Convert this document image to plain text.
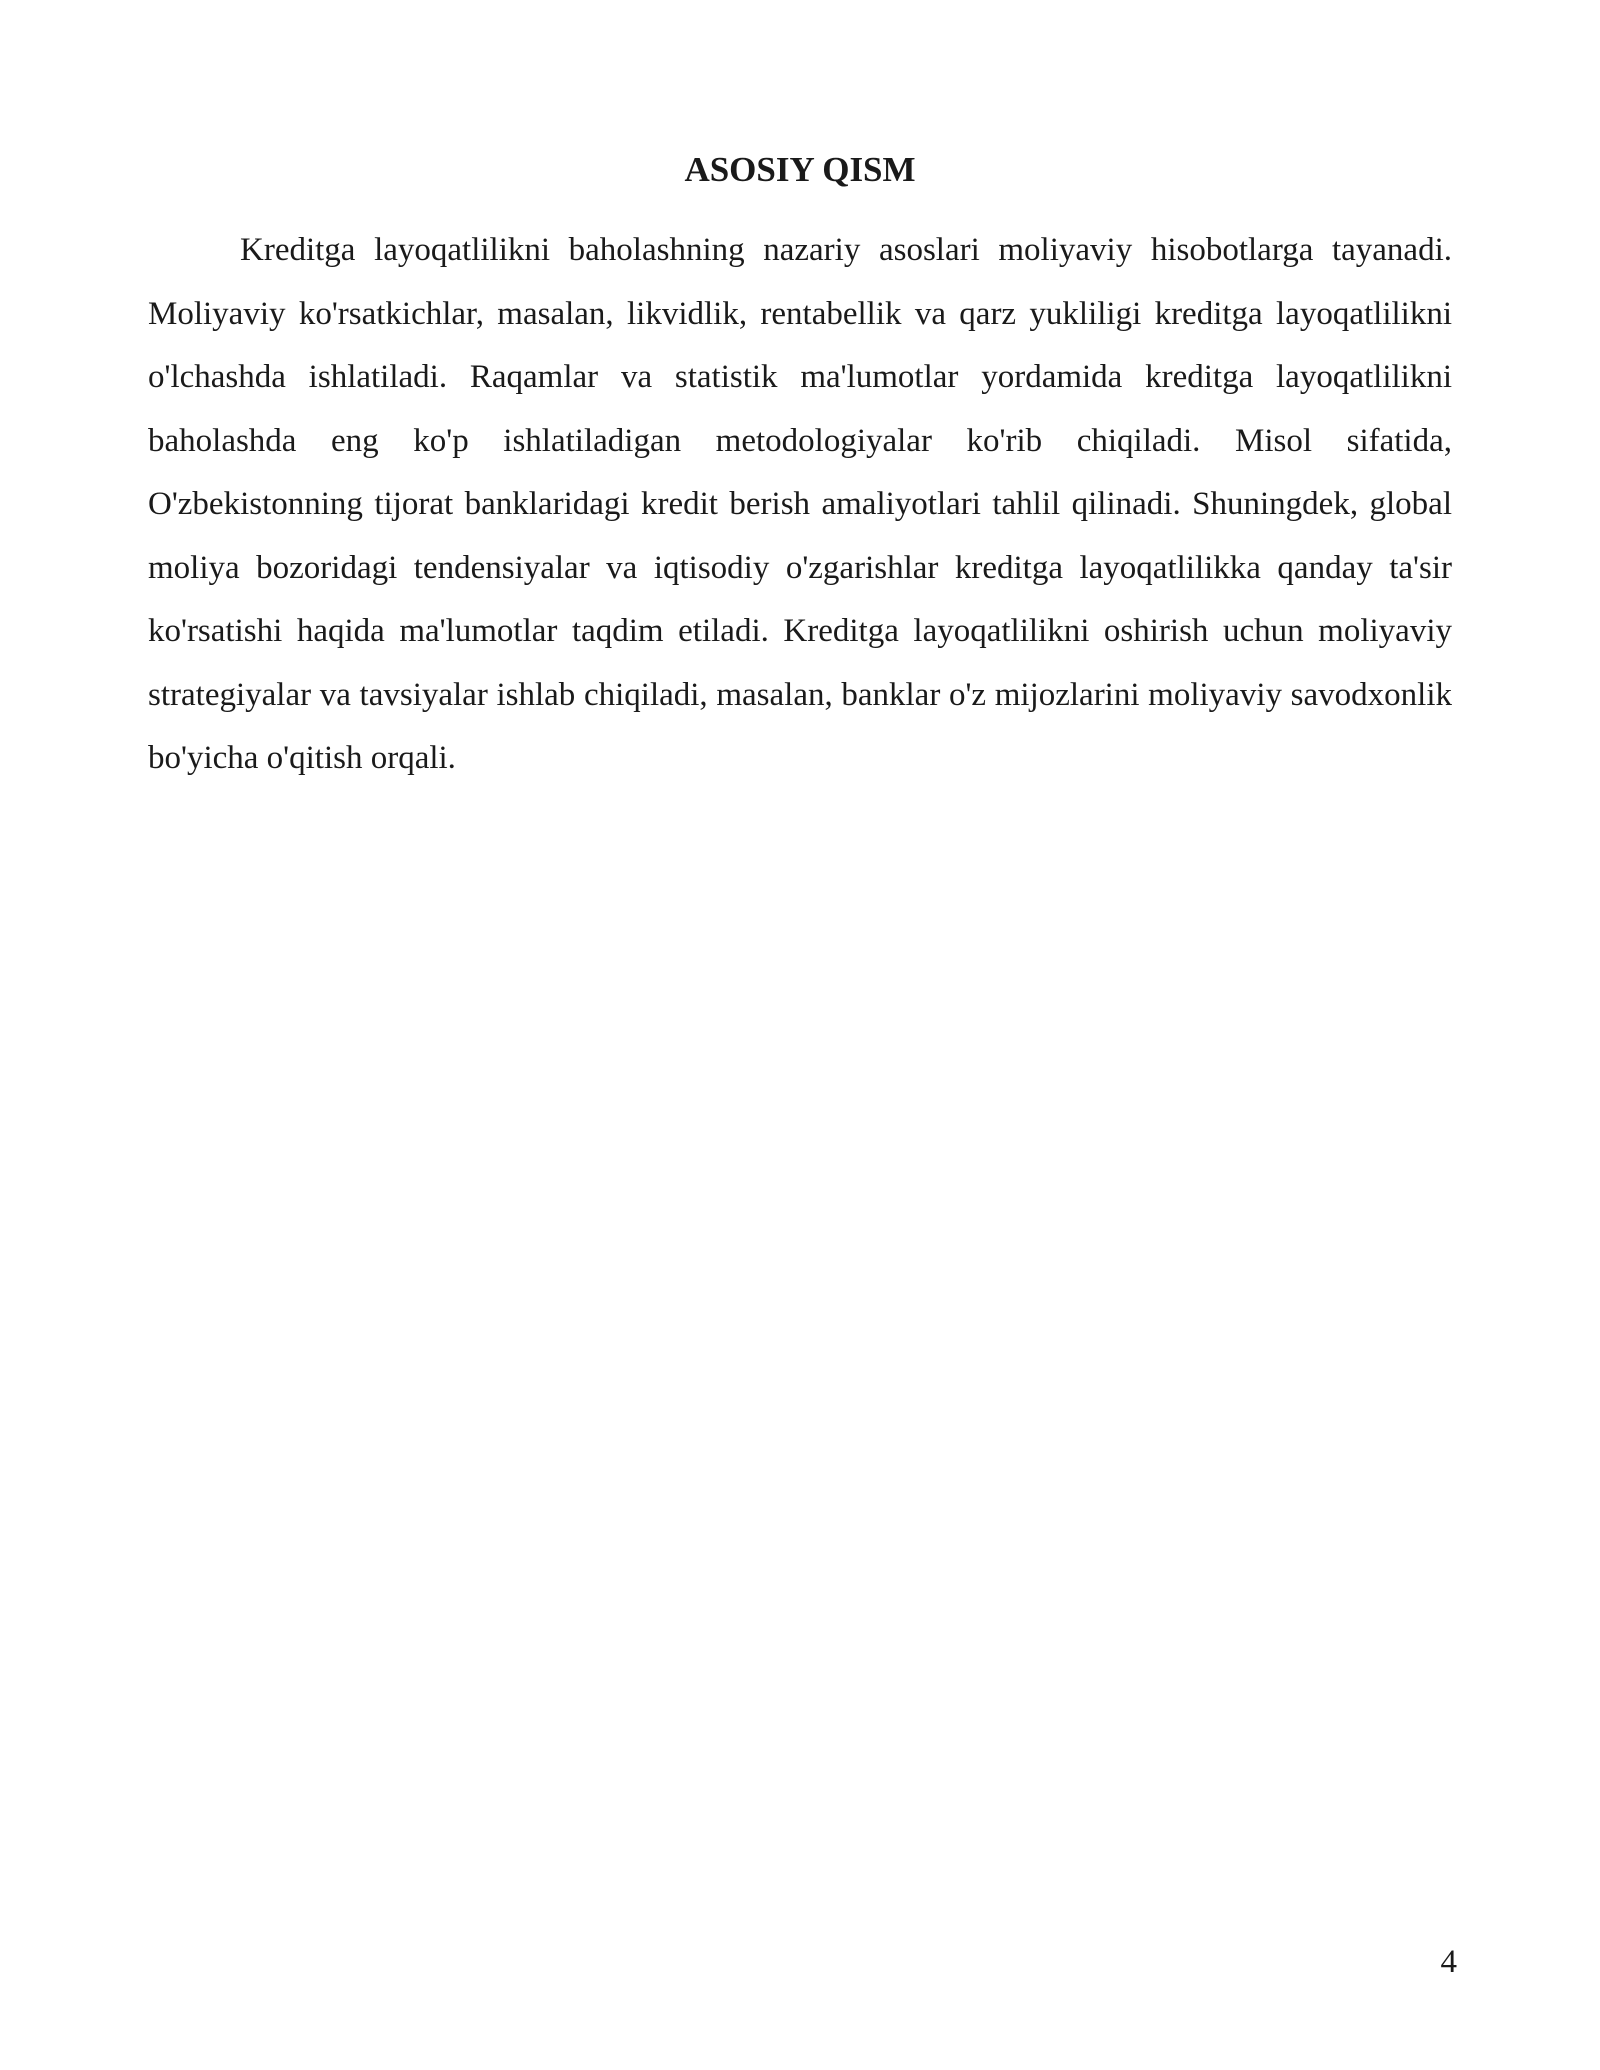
ASOSIY QISM

Kreditga layoqatlilikni baholashning nazariy asoslari moliyaviy hisobotlarga tayanadi. Moliyaviy ko'rsatkichlar, masalan, likvidlik, rentabellik va qarz yukliligi kreditga layoqatlilikni o'lchashda ishlatiladi. Raqamlar va statistik ma'lumotlar yordamida kreditga layoqatlilikni baholashda eng ko'p ishlatiladigan metodologiyalar ko'rib chiqiladi. Misol sifatida, O'zbekistonning tijorat banklaridagi kredit berish amaliyotlari tahlil qilinadi. Shuningdek, global moliya bozoridagi tendensiyalar va iqtisodiy o'zgarishlar kreditga layoqatlilikka qanday ta'sir ko'rsatishi haqida ma'lumotlar taqdim etiladi. Kreditga layoqatlilikni oshirish uchun moliyaviy strategiyalar va tavsiyalar ishlab chiqiladi, masalan, banklar o'z mijozlarini moliyaviy savodxonlik bo'yicha o'qitish orqali.

4
